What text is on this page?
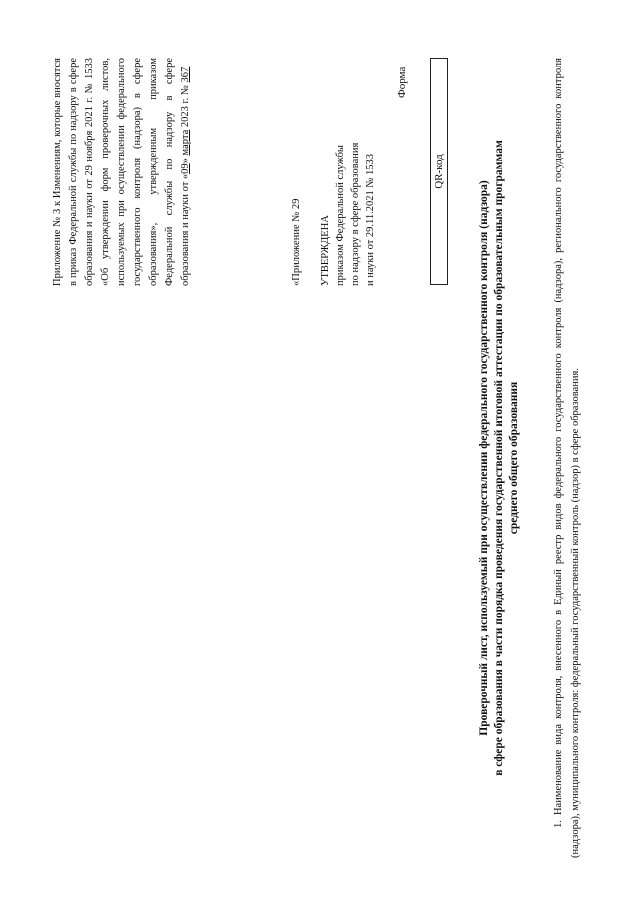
Приложение № 3 к Изменениям, которые вносятся в приказ Федеральной службы по надзору в сфере образования и науки от 29 ноября 2021 г. № 1533 «Об утверждении форм проверочных листов, используемых при осуществлении федерального государственного контроля (надзора) в сфере образования», утвержденным приказом Федеральной службы по надзору в сфере образования и науки от «09» марта 2023 г. № 367
«Приложение № 29 УТВЕРЖДЕНА приказом Федеральной службы по надзору в сфере образования и науки от 29.11.2021 № 1533
Форма
QR-код
Проверочный лист, используемый при осуществлении федерального государственного контроля (надзора) в сфере образования в части порядка проведения государственной итоговой аттестации по образовательным программам среднего общего образования	1. Наименование вида контроля, внесенного в Единый реестр видов федерального государственного контроля (надзора), регионального государственного контроля (надзора), муниципального контроля: федеральный государственный контроль (надзор) в сфере образования.
